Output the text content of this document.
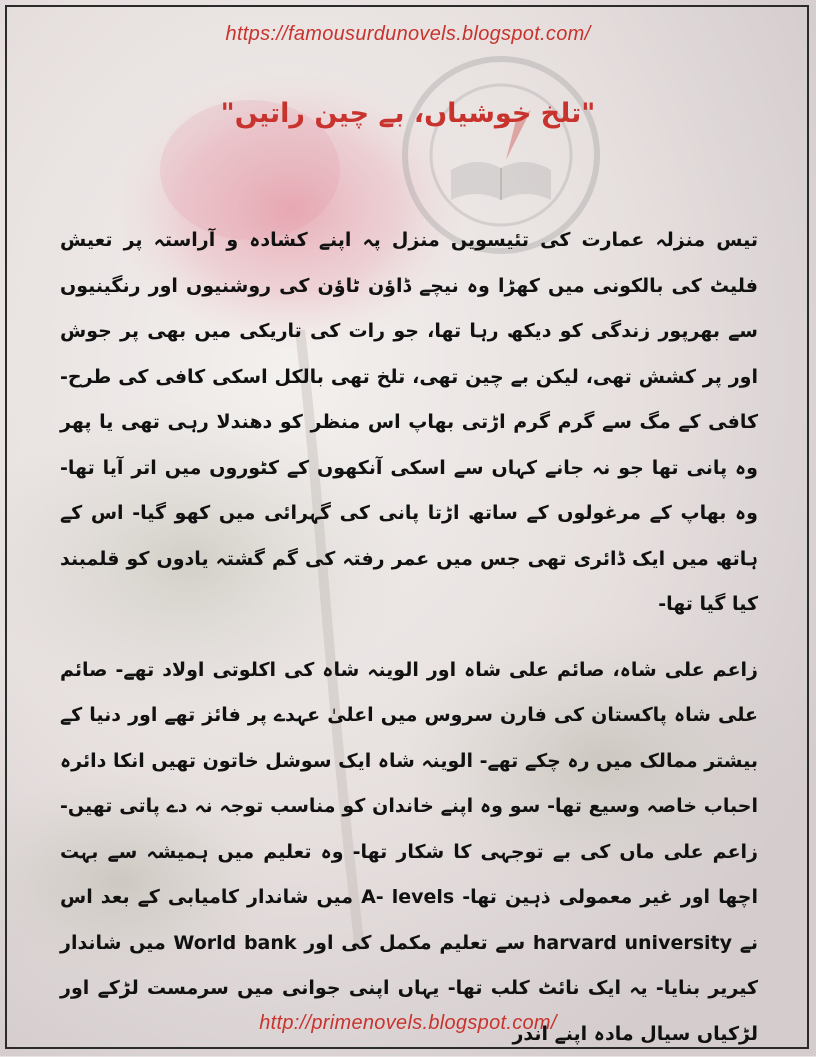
https://famousurdunovels.blogspot.com/
"تلخ خوشیاں، بے چین راتیں"

تیس منزلہ عمارت کی تئیسویں منزل پہ اپنے کشادہ و آراستہ پر تعیش فلیٹ کی بالکونی میں کھڑا وہ نیچے ڈاؤن ٹاؤن کی روشنیوں اور رنگینیوں سے بھرپور زندگی کو دیکھ رہا تھا، جو رات کی تاریکی میں بھی پر جوش اور پر کشش تھی، لیکن بے چین تھی، تلخ تھی بالکل اسکی کافی کی طرح- کافی کے مگ سے گرم گرم اڑتی بھاپ اس منظر کو دھندلا رہی تھی یا پھر وہ پانی تھا جو نہ جانے کہاں سے اسکی آنکھوں کے کٹوروں میں اتر آیا تھا- وہ بھاپ کے مرغولوں کے ساتھ اڑتا پانی کی گہرائی میں کھو گیا- اس کے ہاتھ میں ایک ڈائری تھی جس میں عمر رفتہ کی گم گشتہ یادوں کو قلمبند کیا گیا تھا-

زاعم علی شاہ، صائم علی شاہ اور الوینہ شاہ کی اکلوتی اولاد تھے- صائم علی شاہ پاکستان کی فارن سروس میں اعلیٰ عہدے پر فائز تھے اور دنیا کے بیشتر ممالک میں رہ چکے تھے- الوینہ شاہ ایک سوشل خاتون تھیں انکا دائرہ احباب خاصہ وسیع تھا- سو وہ اپنے خاندان کو مناسب توجہ نہ دے پاتی تھیں- زاعم علی ماں کی بے توجہی کا شکار تھا- وہ تعلیم میں ہمیشہ سے بہت اچھا اور غیر معمولی ذہین تھا- A- levels میں شاندار کامیابی کے بعد اس نے harvard university سے تعلیم مکمل کی اور World bank میں شاندار کیریر بنایا- یہ ایک نائٹ کلب تھا- یہاں اپنی جوانی میں سرمست لڑکے اور لڑکیاں سیال مادہ اپنے اندر

http://primenovels.blogspot.com/
